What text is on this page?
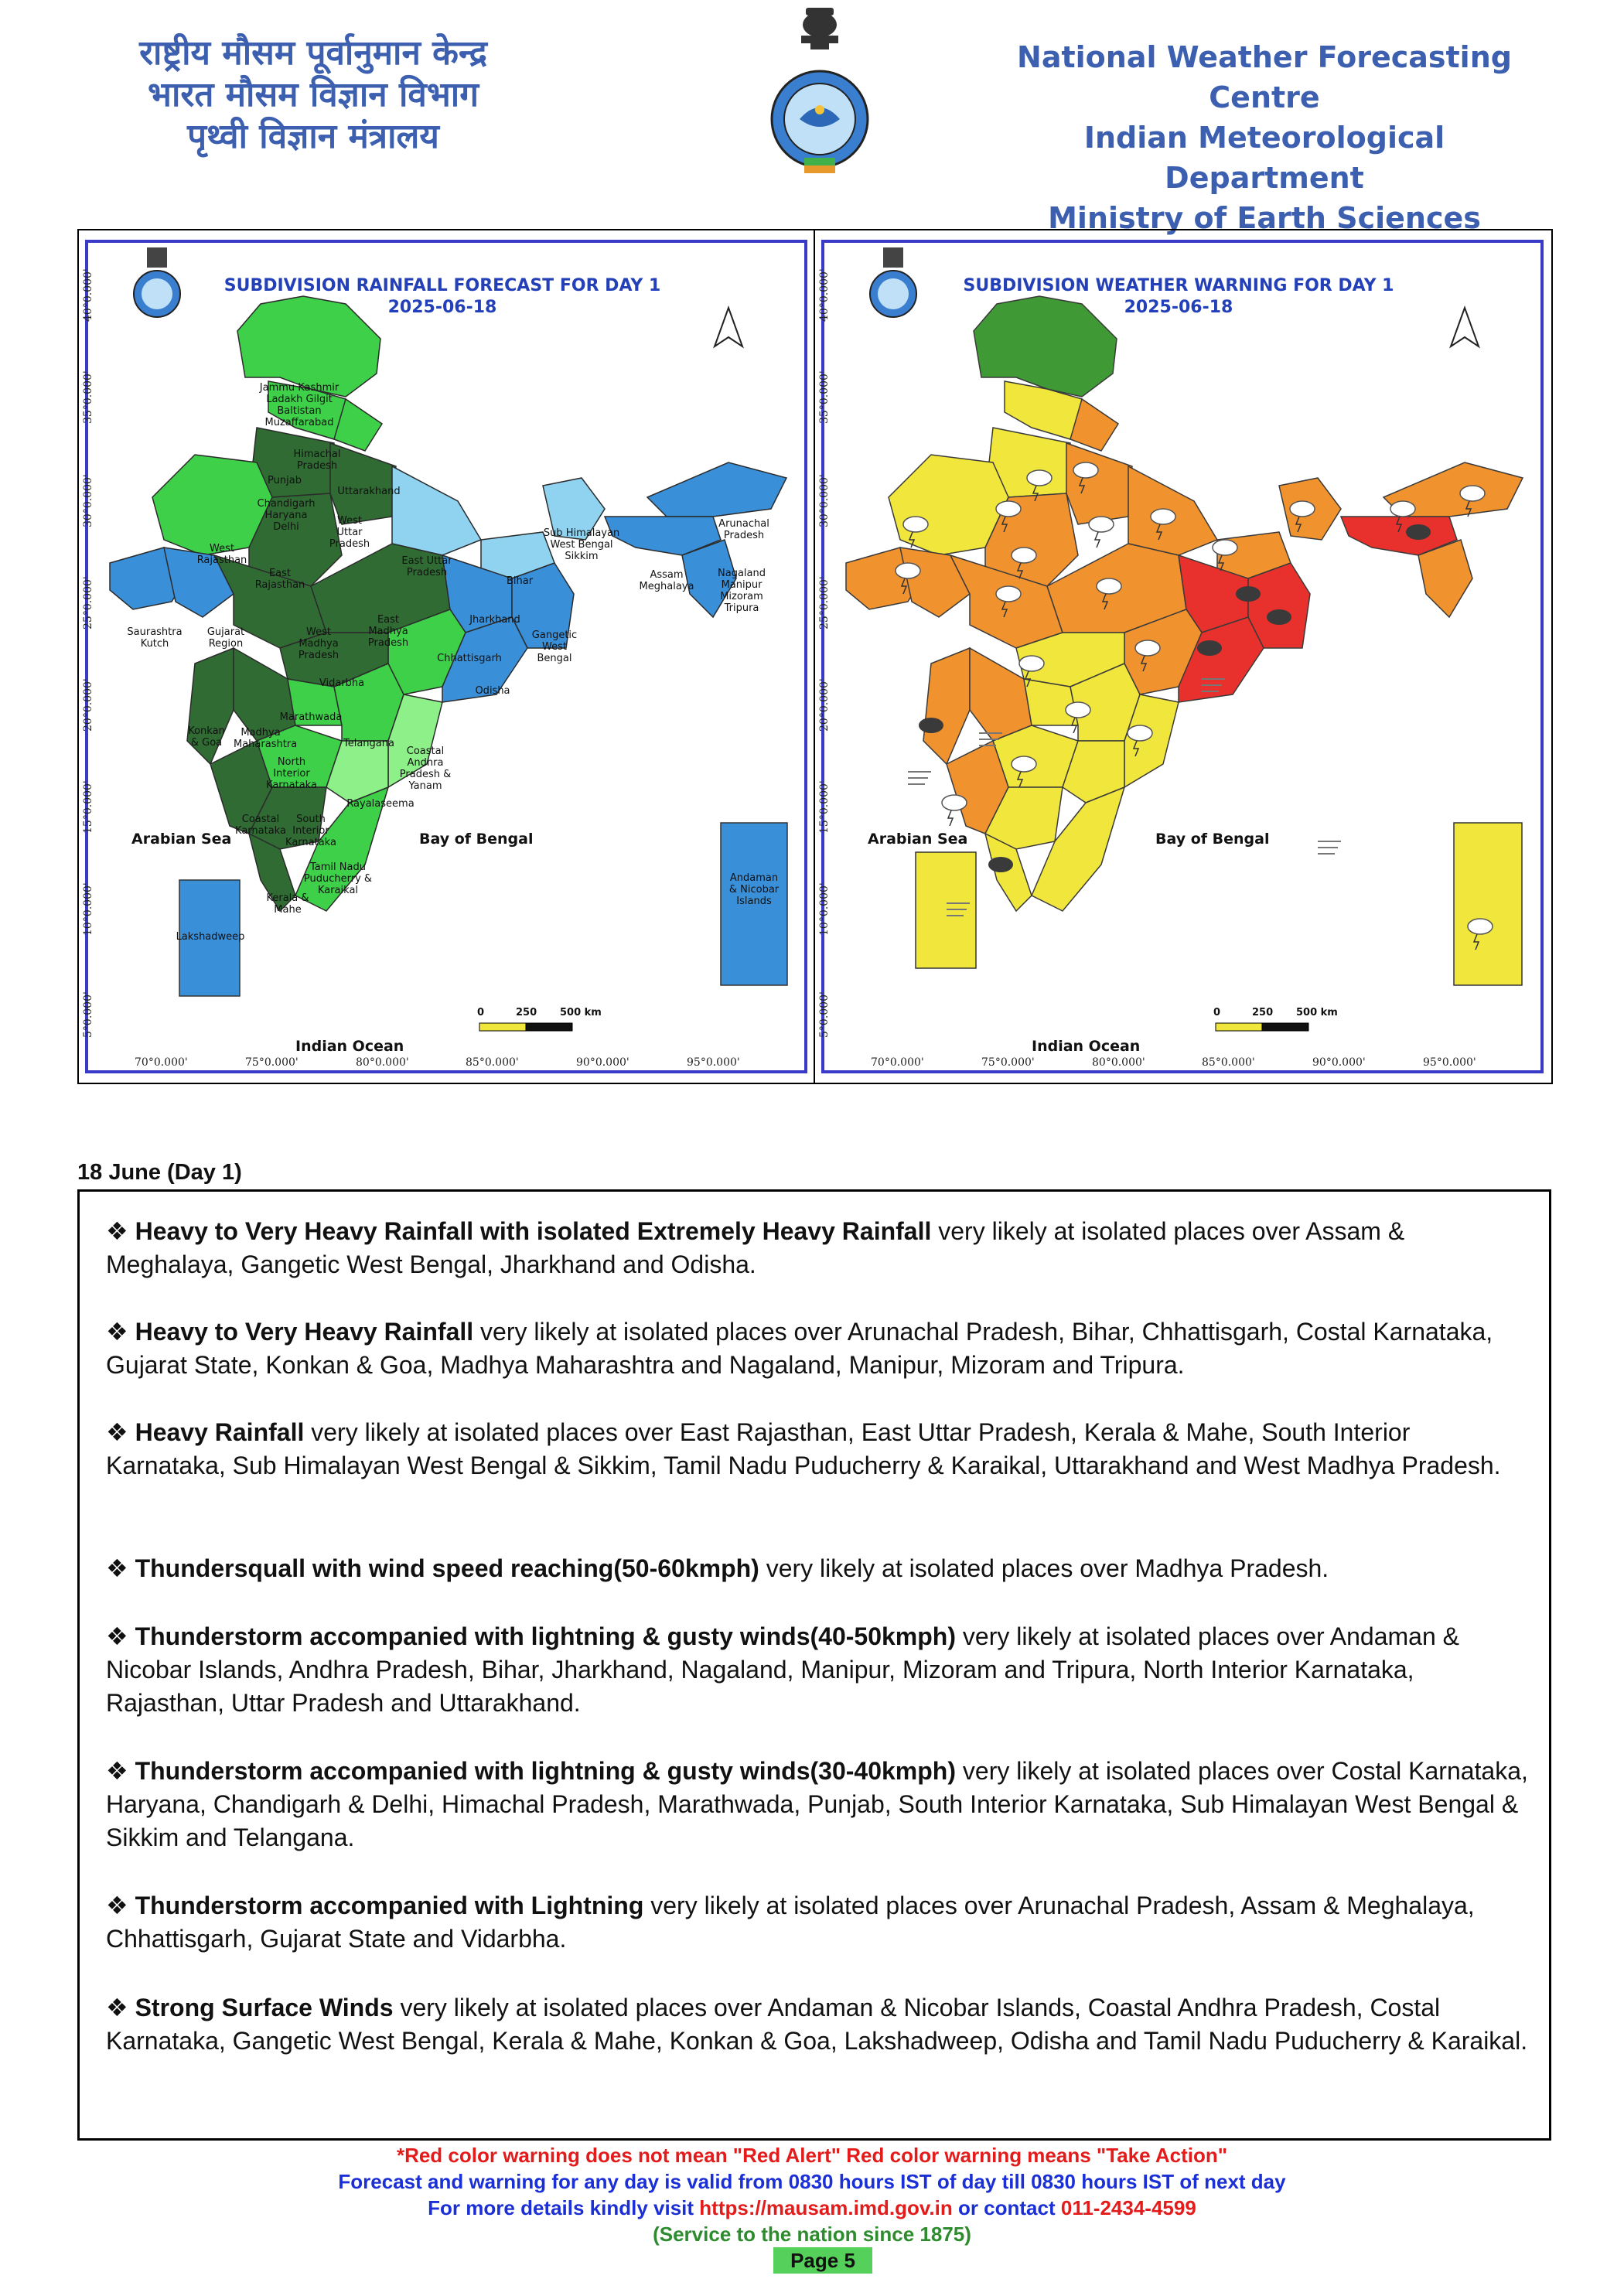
राष्ट्रीय मौसम पूर्वानुमान केन्द्र
भारत मौसम विज्ञान विभाग
पृथ्वी विज्ञान मंत्रालय
National Weather Forecasting Centre
Indian Meteorological Department
Ministry of Earth Sciences
SUBDIVISION RAINFALL FORECAST FOR DAY 1
2025-06-18
Jammu Kashmir Ladakh Gilgit Baltistan Muzaffarabad
Himachal Pradesh
Punjab
Uttarakhand
Chandigarh Haryana Delhi
West Rajasthan
East Rajasthan
West Uttar Pradesh
East Uttar Pradesh
Bihar
Sub Himalayan West Bengal Sikkim
Arunachal Pradesh
Assam Meghalaya
Nagaland Manipur Mizoram Tripura
Saurashtra Kutch
Gujarat Region
West Madhya Pradesh
East Madhya Pradesh
Jharkhand
Gangetic West Bengal
Chhattisgarh
Vidarbha
Odisha
Konkan & Goa
Madhya Maharashtra
Marathwada
North Interior Karnataka
Telangana
Coastal Andhra Pradesh & Yanam
Coastal Karnataka
South Interior Karnataka
Rayalaseema
Tamil Nadu Puducherry & Karaikal
Kerala & Mahe
Lakshadweep
Andaman & Nicobar Islands
Arabian Sea	Bay of Bengal
Indian Ocean
0	250 500 km
70°0.000'	75°0.000'	80°0.000'	85°0.000'	90°0.000'	95°0.000'
40°0.000'
35°0.000'
30°0.000'
25°0.000'
20°0.000'
15°0.000'
10°0.000'
5°0.000'
SUBDIVISION WEATHER WARNING FOR DAY 1
2025-06-18
Arabian Sea	Bay of Bengal
Indian Ocean
0	250 500 km
70°0.000'	75°0.000'	80°0.000'	85°0.000'	90°0.000'	95°0.000'
40°0.000'
35°0.000'
30°0.000'
25°0.000'
20°0.000'
15°0.000'
10°0.000'
5°0.000'
18 June (Day 1)
❖ Heavy to Very Heavy Rainfall with isolated Extremely Heavy Rainfall very likely at isolated places over Assam & Meghalaya, Gangetic West Bengal, Jharkhand and Odisha.
❖ Heavy to Very Heavy Rainfall very likely at isolated places over Arunachal Pradesh, Bihar, Chhattisgarh, Costal Karnataka, Gujarat State, Konkan & Goa, Madhya Maharashtra and Nagaland, Manipur, Mizoram and Tripura.
❖ Heavy Rainfall very likely at isolated places over East Rajasthan, East Uttar Pradesh, Kerala & Mahe, South Interior Karnataka, Sub Himalayan West Bengal & Sikkim, Tamil Nadu Puducherry & Karaikal, Uttarakhand and West Madhya Pradesh.
❖ Thundersquall with wind speed reaching(50-60kmph) very likely at isolated places over Madhya Pradesh.
❖ Thunderstorm accompanied with lightning & gusty winds(40-50kmph) very likely at isolated places over Andaman & Nicobar Islands, Andhra Pradesh, Bihar, Jharkhand, Nagaland, Manipur, Mizoram and Tripura, North Interior Karnataka, Rajasthan, Uttar Pradesh and Uttarakhand.
❖ Thunderstorm accompanied with lightning & gusty winds(30-40kmph) very likely at isolated places over Costal Karnataka, Haryana, Chandigarh & Delhi, Himachal Pradesh, Marathwada, Punjab, South Interior Karnataka, Sub Himalayan West Bengal & Sikkim and Telangana.
❖ Thunderstorm accompanied with Lightning very likely at isolated places over Arunachal Pradesh, Assam & Meghalaya, Chhattisgarh, Gujarat State and Vidarbha.
❖ Strong Surface Winds very likely at isolated places over Andaman & Nicobar Islands, Coastal Andhra Pradesh, Costal Karnataka, Gangetic West Bengal, Kerala & Mahe, Konkan & Goa, Lakshadweep, Odisha and Tamil Nadu Puducherry & Karaikal.
*Red color warning does not mean "Red Alert" Red color warning means "Take Action"
Forecast and warning for any day is valid from 0830 hours IST of day till 0830 hours IST of next day
For more details kindly visit https://mausam.imd.gov.in or contact 011-2434-4599
(Service to the nation since 1875)
Page 5
